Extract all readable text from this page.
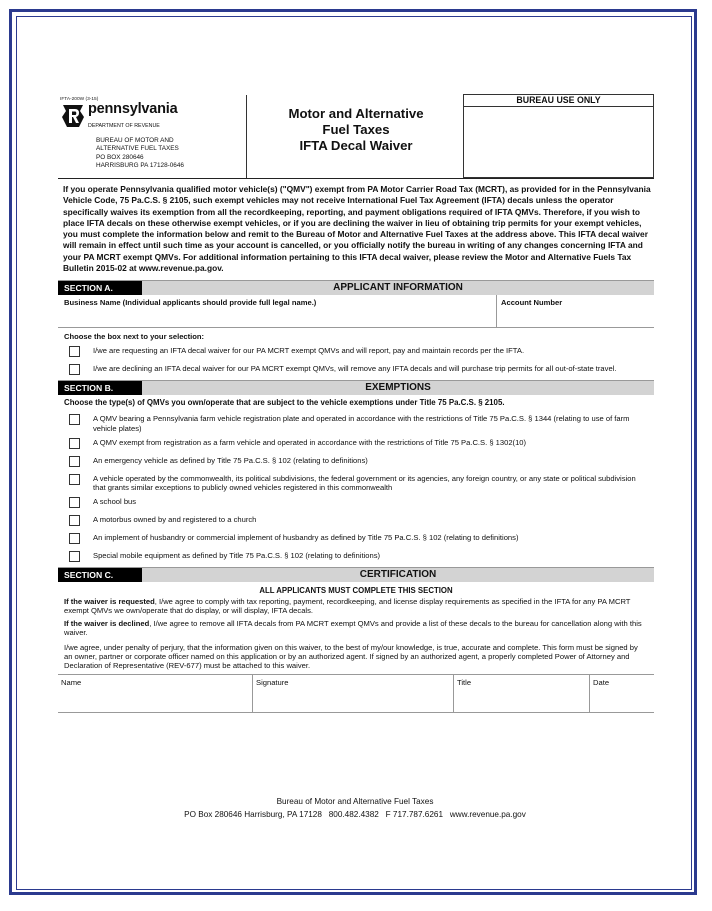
IFTA-200W (3-15)
pennsylvania
DEPARTMENT OF REVENUE
BUREAU OF MOTOR AND
ALTERNATIVE FUEL TAXES
PO BOX 280646
HARRISBURG PA 17128-0646
Motor and Alternative
Fuel Taxes
IFTA Decal Waiver
BUREAU USE ONLY
If you operate Pennsylvania qualified motor vehicle(s) ("QMV") exempt from PA Motor Carrier Road Tax (MCRT), as provided for in the Pennsylvania Vehicle Code, 75 Pa.C.S. § 2105, such exempt vehicles may not receive International Fuel Tax Agreement (IFTA) decals unless the operator specifically waives its exemption from all the recordkeeping, reporting, and payment obligations required of IFTA QMVs. Therefore, if you wish to place IFTA decals on these otherwise exempt vehicles, or if you are declining the waiver in lieu of obtaining trip permits for your exempt vehicles, you must complete the information below and remit to the Bureau of Motor and Alternative Fuel Taxes at the address above. This IFTA decal waiver will remain in effect until such time as your account is cancelled, or you officially notify the bureau in writing of any changes concerning IFTA and your PA MCRT exempt QMVs. For additional information pertaining to this IFTA decal waiver, please review the Motor and Alternative Fuels Tax Bulletin 2015-02 at www.revenue.pa.gov.
SECTION A.	APPLICANT INFORMATION
Business Name (Individual applicants should provide full legal name.)	Account Number
Choose the box next to your selection:
I/we are requesting an IFTA decal waiver for our PA MCRT exempt QMVs and will report, pay and maintain records per the IFTA.
I/we are declining an IFTA decal waiver for our PA MCRT exempt QMVs, will remove any IFTA decals and will purchase trip permits for all out-of-state travel.
SECTION B.	EXEMPTIONS
Choose the type(s) of QMVs you own/operate that are subject to the vehicle exemptions under Title 75 Pa.C.S. § 2105.
A QMV bearing a Pennsylvania farm vehicle registration plate and operated in accordance with the restrictions of Title 75 Pa.C.S. § 1344 (relating to use of farm vehicle plates)
A QMV exempt from registration as a farm vehicle and operated in accordance with the restrictions of Title 75 Pa.C.S. § 1302(10)
An emergency vehicle as defined by Title 75 Pa.C.S. § 102 (relating to definitions)
A vehicle operated by the commonwealth, its political subdivisions, the federal government or its agencies, any foreign country, or any state or political subdivision that grants similar exceptions to publicly owned vehicles registered in this commonwealth
A school bus
A motorbus owned by and registered to a church
An implement of husbandry or commercial implement of husbandry as defined by Title 75 Pa.C.S. § 102 (relating to definitions)
Special mobile equipment as defined by Title 75 Pa.C.S. § 102 (relating to definitions)
SECTION C.	CERTIFICATION
ALL APPLICANTS MUST COMPLETE THIS SECTION
If the waiver is requested, I/we agree to comply with tax reporting, payment, recordkeeping, and license display requirements as specified in the IFTA for any PA MCRT exempt QMVs we own/operate that do display, or will display, IFTA decals.
If the waiver is declined, I/we agree to remove all IFTA decals from PA MCRT exempt QMVs and provide a list of these decals to the bureau for cancellation along with this waiver.
I/we agree, under penalty of perjury, that the information given on this waiver, to the best of my/our knowledge, is true, accurate and complete. This form must be signed by an owner, partner or corporate officer named on this application or by an authorized agent. If signed by an authorized agent, a properly completed Power of Attorney and Declaration of Representative (REV-677) must be attached to this waiver.
Name	Signature	Title	Date
Bureau of Motor and Alternative Fuel Taxes
PO Box 280646 Harrisburg, PA 17128   800.482.4382   F 717.787.6261   www.revenue.pa.gov
